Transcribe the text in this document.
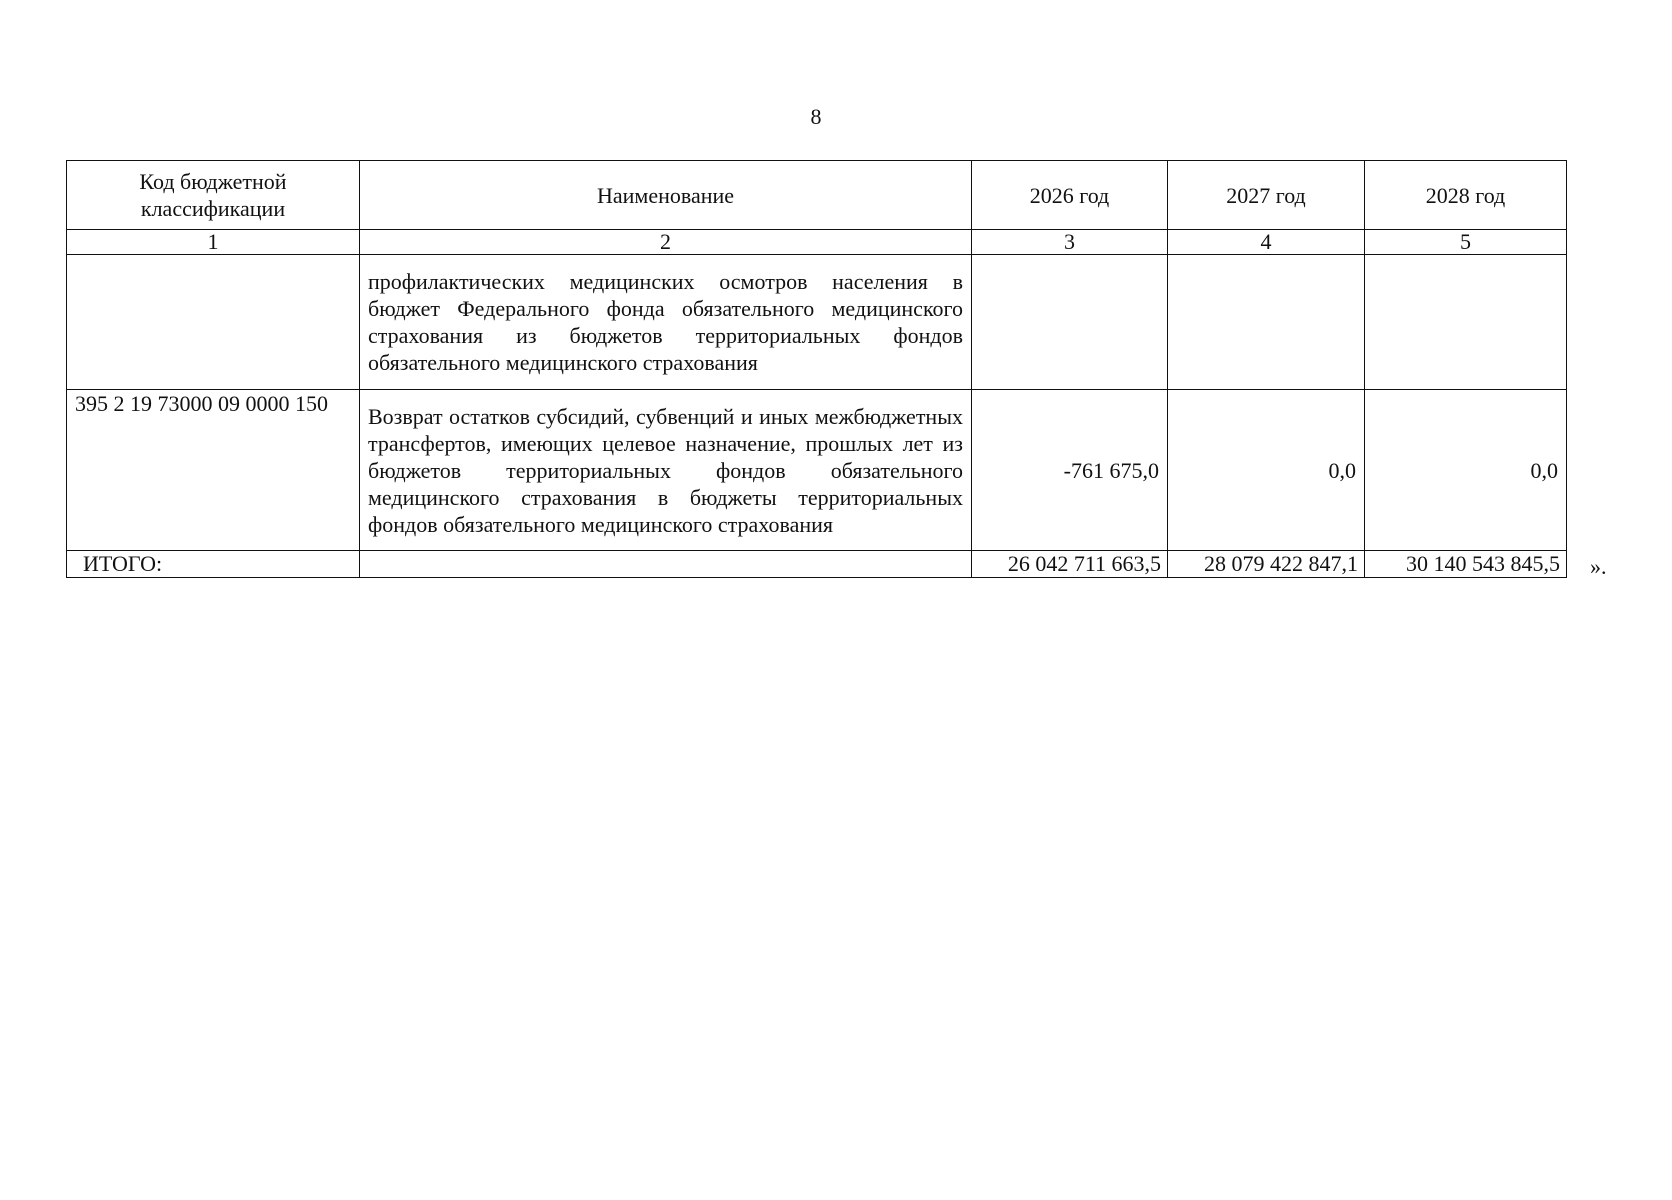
8
Код бюджетной классификации	Наименование	2026 год	2027 год	2028 год
1	2	3	4	5
	профилактических медицинских осмотров населения в бюджет Федерального фонда обязательного медицинского страхования из бюджетов территориальных фондов обязательного медицинского страхования			
395 2 19 73000 09 0000 150	Возврат остатков субсидий, субвенций и иных межбюджетных трансфертов, имеющих целевое назначение, прошлых лет из бюджетов территориальных фондов обязательного медицинского страхования в бюджеты территориальных фондов обязательного медицинского страхования	-761 675,0	0,0	0,0
ИТОГО:		26 042 711 663,5	28 079 422 847,1	30 140 543 845,5 ».
